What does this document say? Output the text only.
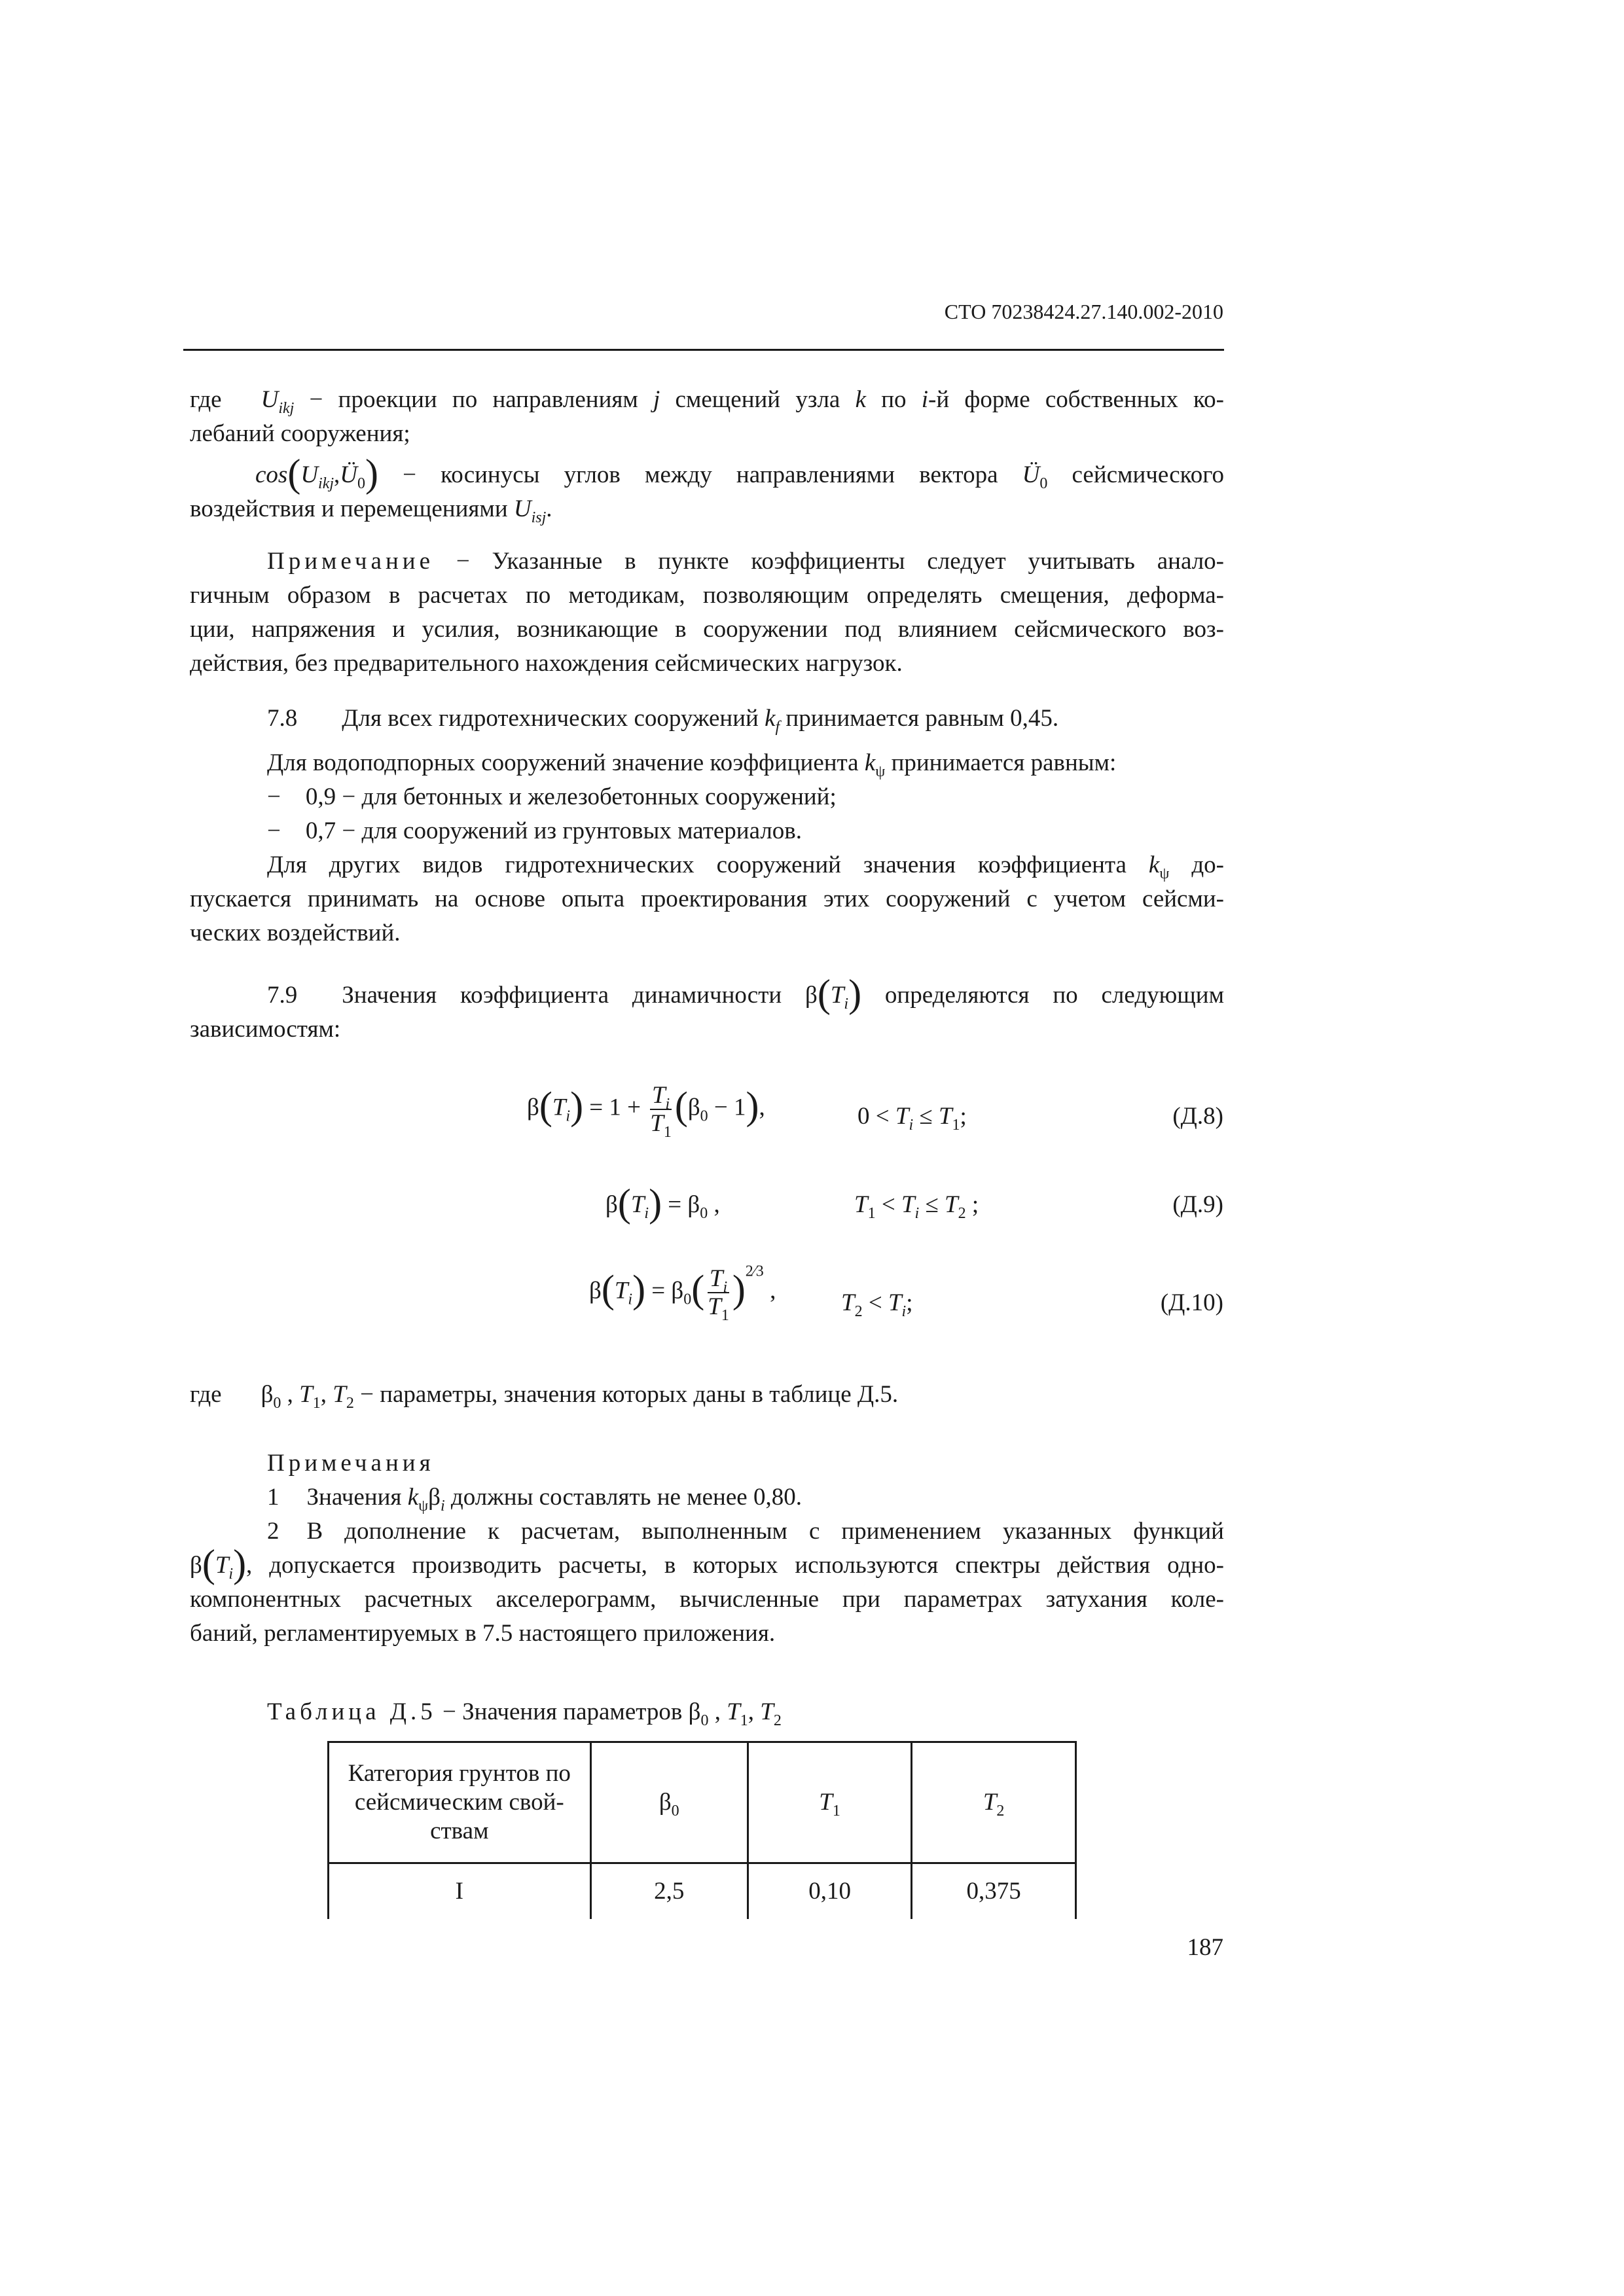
СТО 70238424.27.140.002-2010
где $U_{ikj}$ − проекции по направлениям j смещений узла k по i-й форме собственных ко-
лебаний сооружения;
$\cos(U_{ikj},Ü_0)$ − косинусы углов между направлениями вектора $Ü_0$ сейсмического
воздействия и перемещениями $U_{isj}$.
Примечание − Указанные в пункте коэффициенты следует учитывать анало-
гичным образом в расчетах по методикам, позволяющим определять смещения, деформа-
ции, напряжения и усилия, возникающие в сооружении под влиянием сейсмического воз-
действия, без предварительного нахождения сейсмических нагрузок.
7.8 Для всех гидротехнических сооружений $k_f$ принимается равным 0,45.
Для водоподпорных сооружений значение коэффициента $k_\psi$ принимается равным:
− 0,9 − для бетонных и железобетонных сооружений;
− 0,7 − для сооружений из грунтовых материалов.
Для других видов гидротехнических сооружений значения коэффициента $k_\psi$ до-
пускается принимать на основе опыта проектирования этих сооружений с учетом сейсми-
ческих воздействий.
7.9 Значения коэффициента динамичности $\beta(T_i)$ определяются по следующим
зависимостям:
$\beta(T_i) = 1 + \frac{T_i}{T_1} (\beta_0 - 1)$,	$0 < T_i \le T_1$;	(Д.8)
$\beta(T_i) = \beta_0$ ,	$T_1 < T_i \le T_2$ ;	(Д.9)
$\beta(T_i) = \beta_0( \frac{T_i}{T_1} )^{2⁄3}$ ,	$T_2 < T_i$;	(Д.10)
где $\beta_0$ , $T_1$, $T_2$ − параметры, значения которых даны в таблице Д.5.
Примечания
1 Значения $k_\psi\beta_i$ должны составлять не менее 0,80.
2 В дополнение к расчетам, выполненным с применением указанных функций
$\beta(T_i)$, допускается производить расчеты, в которых используются спектры действия одно-
компонентных расчетных акселерограмм, вычисленные при параметрах затухания коле-
баний, регламентируемых в 7.5 настоящего приложения.
Таблица Д.5 − Значения параметров $\beta_0$ , $T_1$, $T_2$
Категория грунтов по
сейсмическим свой-
ствам	$\beta_0$	$T_1$	$T_2$
I	2,5	0,10	0,375
187
